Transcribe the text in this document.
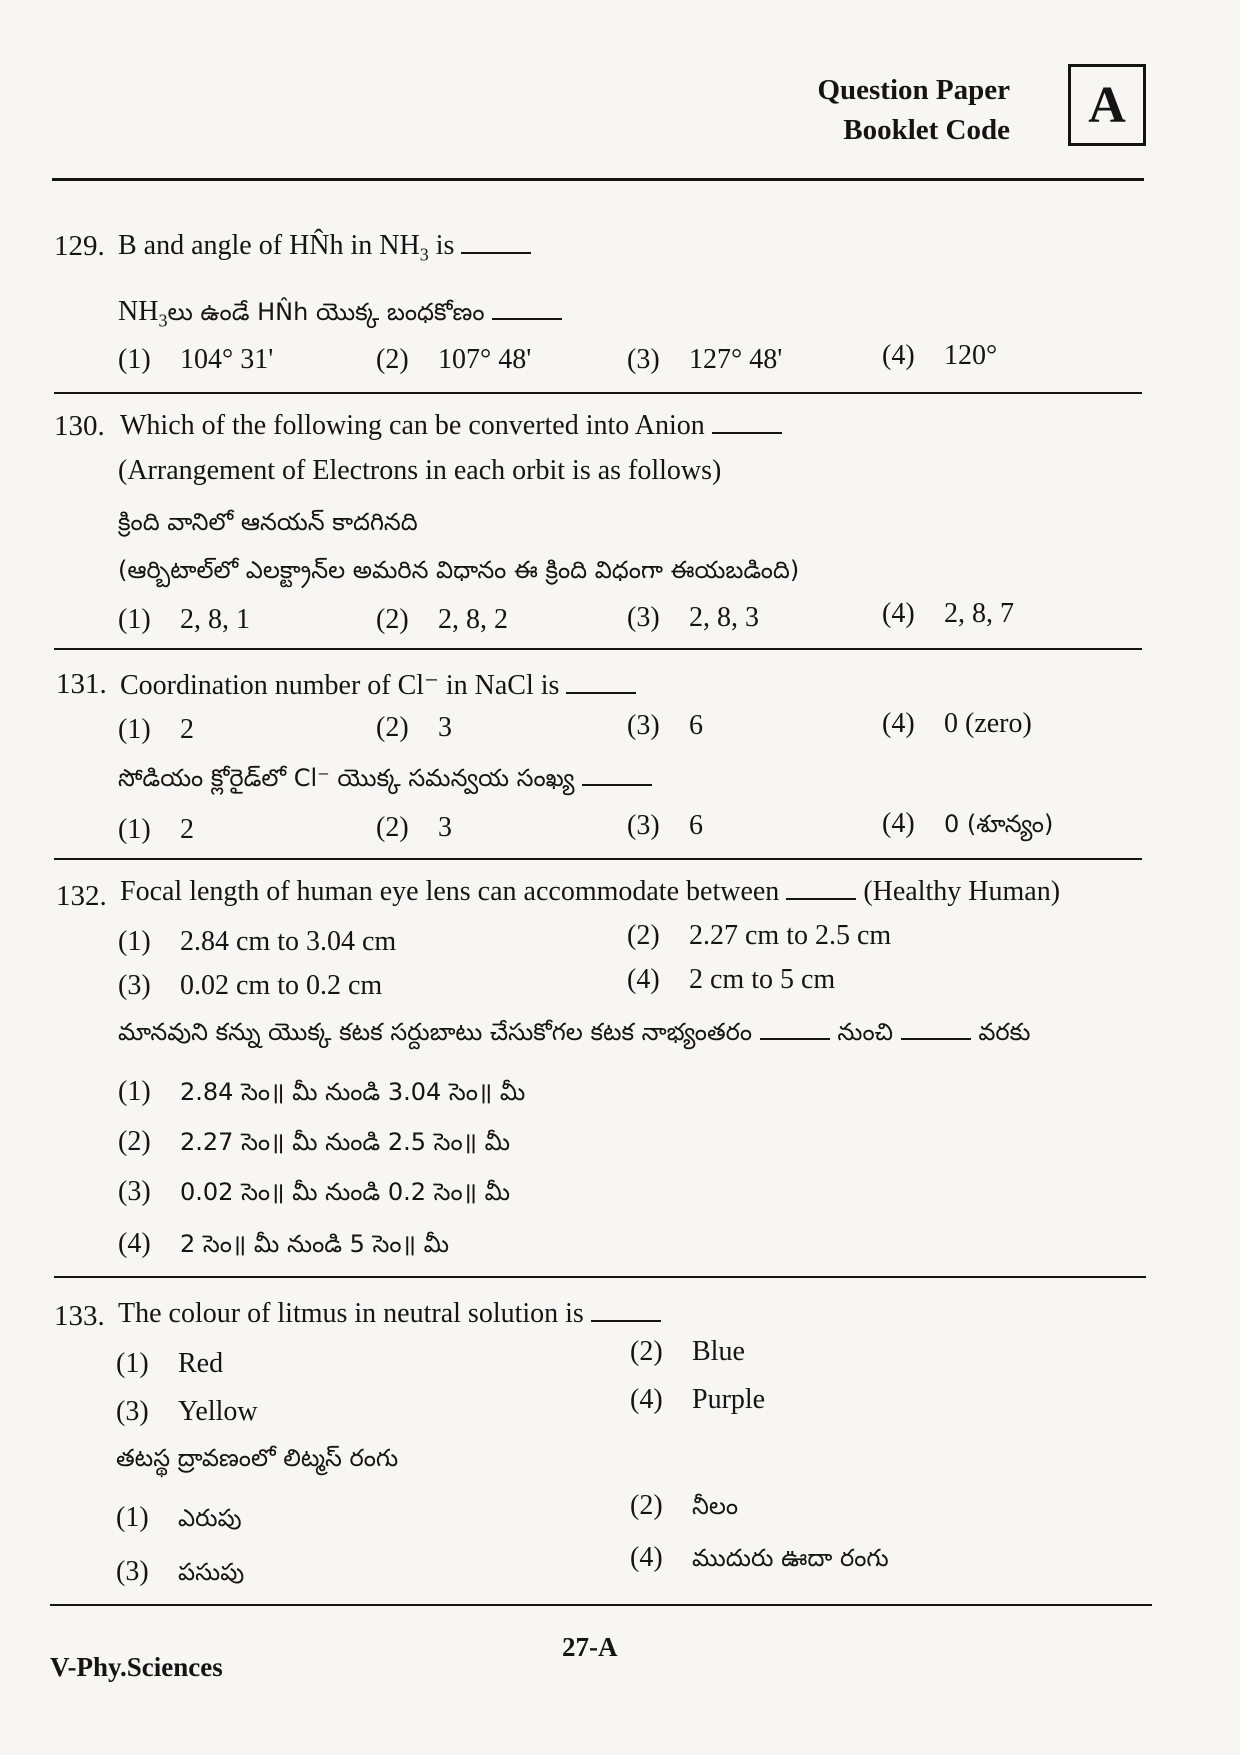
Question Paper
Booklet Code	A
129. B and angle of HN̂h in $NH_3$ is
$NH_3లు$ ఉండే HN̂h యొక్క బంధకోణం
(1) 104° 31'	(2) 107° 48'	(3) 127° 48'	(4) 120°
130. Which of the following can be converted into Anion
(Arrangement of Electrons in each orbit is as follows)
క్రింది వానిలో ఆనయన్ కాదగినది
(ఆర్బిటాల్‌లో ఎలక్ట్రాన్‌ల అమరిన విధానం ఈ క్రింది విధంగా ఈయబడింది)
(1) 2, 8, 1	(2) 2, 8, 2	(3) 2, 8, 3	(4) 2, 8, 7
131. Coordination number of Cl⁻ in NaCl is
(1) 2	(2) 3	(3) 6	(4) 0 (zero)
సోడియం క్లోరైడ్‌లో Cl⁻ యొక్క సమన్వయ సంఖ్య
(1) 2	(2) 3	(3) 6	(4) 0 (శూన్యం)
132. Focal length of human eye lens can accommodate between	(Healthy Human)
(1) 2.84 cm to 3.04 cm	(2) 2.27 cm to 2.5 cm
(3) 0.02 cm to 0.2 cm	(4) 2 cm to 5 cm
మానవుని కన్ను యొక్క కటక సర్దుబాటు చేసుకోగల కటక నాభ్యంతరం	నుంచి	వరకు
(1) 2.84 సెం॥ మీ నుండి 3.04 సెం॥ మీ
(2) 2.27 సెం॥ మీ నుండి 2.5 సెం॥ మీ
(3) 0.02 సెం॥ మీ నుండి 0.2 సెం॥ మీ
(4) 2 సెం॥ మీ నుండి 5 సెం॥ మీ
133. The colour of litmus in neutral solution is
(1) Red	(2) Blue
(3) Yellow	(4) Purple
తటస్థ ద్రావణంలో లిట్మస్ రంగు
(1) ఎరుపు	(2) నీలం
(3) పసుపు	(4) ముదురు ఊదా రంగు
27-A
V-Phy.Sciences
